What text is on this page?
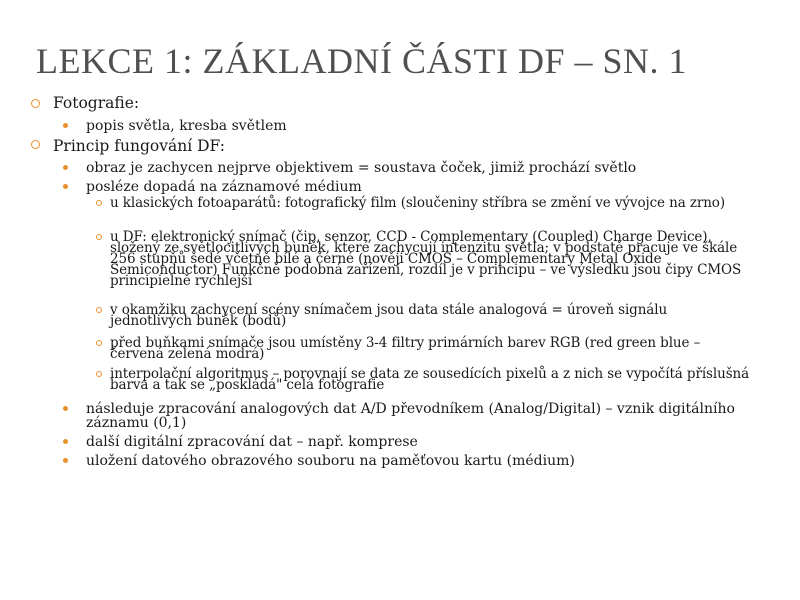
LEKCE 1: ZÁKLADNÍ ČÁSTI DF – SN. 1
Fotografie:
popis světla, kresba světlem
Princip fungování DF:
obraz je zachycen nejprve objektivem = soustava čoček, jimiž prochází světlo
posléze dopadá na záznamové médium
u klasických fotoaparátů: fotografický film (sloučeniny stříbra se změní ve vývojce na zrno)
u DF: elektronický snímač (čip, senzor, CCD - Complementary (Coupled) Charge Device), složený ze světlocitlivých buněk, které zachycují intenzitu světla; v podstatě pracuje ve škále 256 stupňů šedé včetně bílé a černé (nověji CMOS – Complementary Metal Oxide Semiconductor) Funkčně podobná zařízení, rozdíl je v principu – ve výsledku jsou čipy CMOS principielně rychlejší
v okamžiku zachycení scény snímačem jsou data stále analogová = úroveň signálu jednotlivých buněk (bodů)
před buňkami snímače jsou umístěny 3-4 filtry primárních barev RGB (red green blue – červená zelená modrá)
interpolační algoritmus – porovnají se data ze sousedících pixelů a z nich se vypočítá příslušná barva a tak se „poskládá" celá fotografie
následuje zpracování analogových dat A/D převodníkem (Analog/Digital) – vznik digitálního záznamu (0,1)
další digitální zpracování dat – např. komprese
uložení datového obrazového souboru na paměťovou kartu (médium)
